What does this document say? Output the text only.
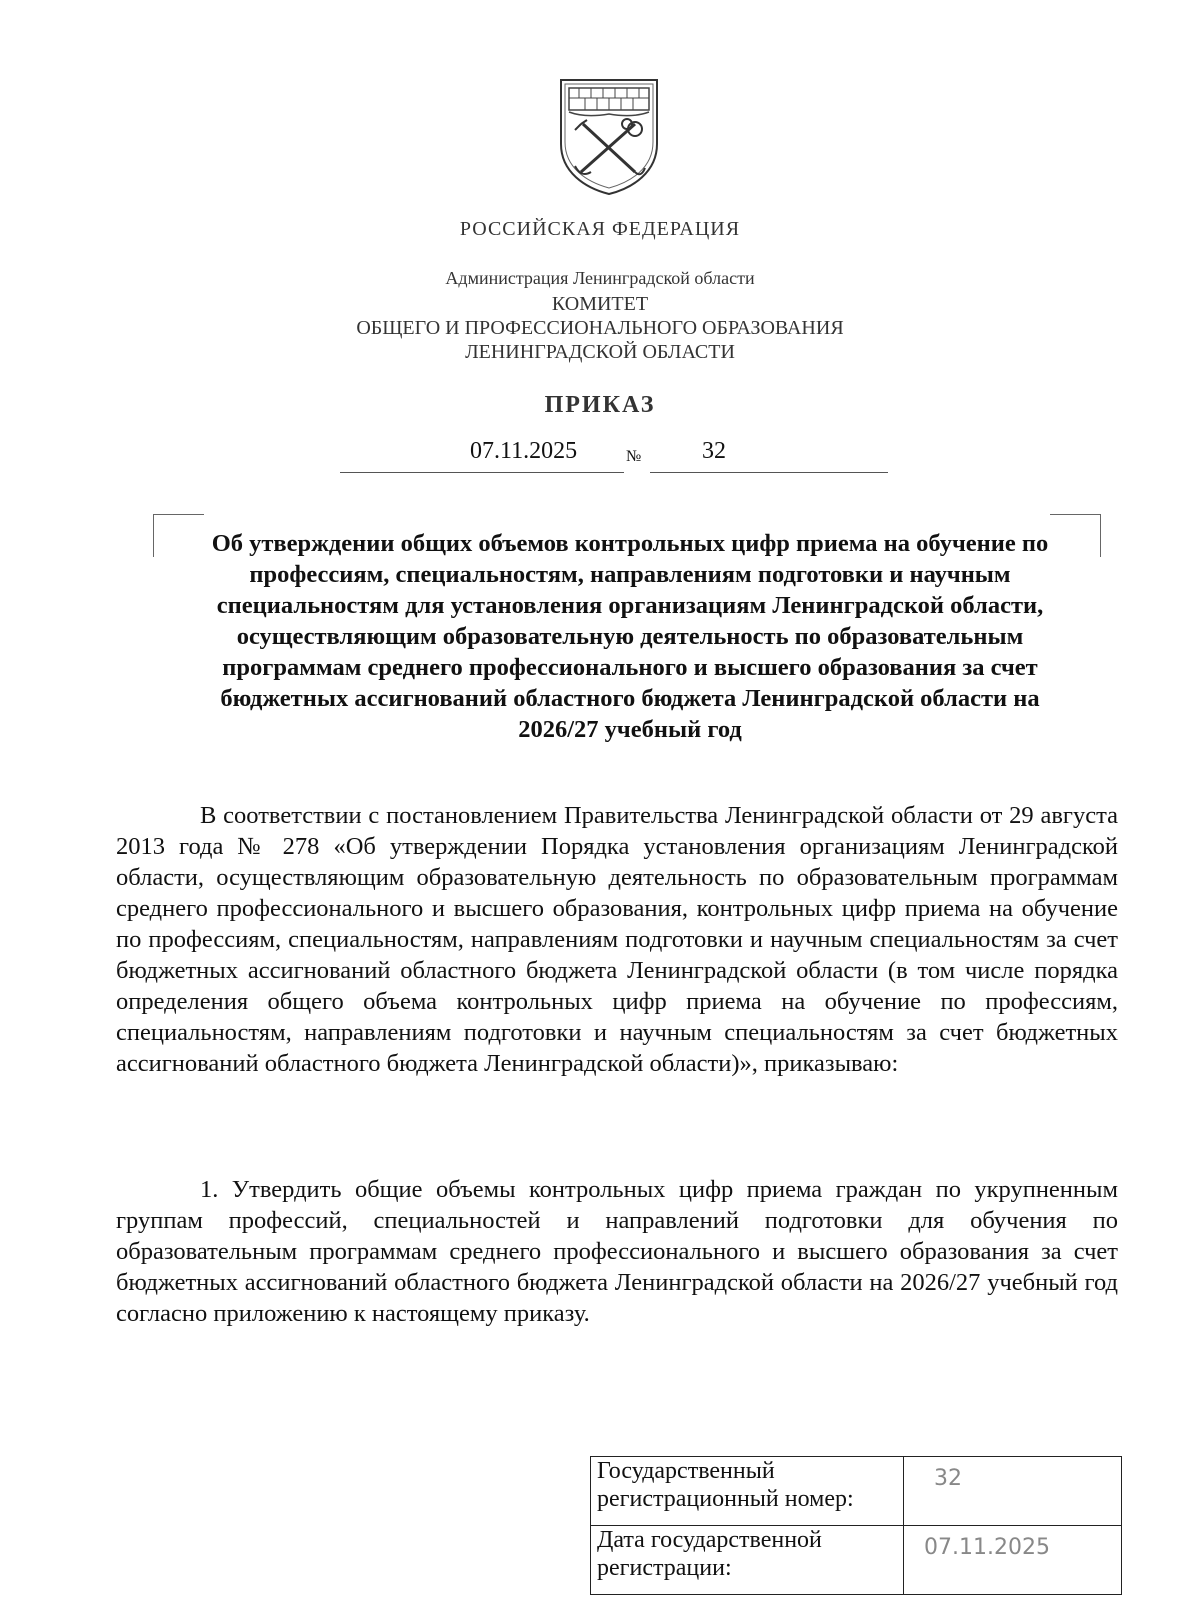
РОССИЙСКАЯ ФЕДЕРАЦИЯ
Администрация Ленинградской области
КОМИТЕТ
ОБЩЕГО И ПРОФЕССИОНАЛЬНОГО ОБРАЗОВАНИЯ
ЛЕНИНГРАДСКОЙ ОБЛАСТИ
ПРИКАЗ
07.11.2025	№	32
Об утверждении общих объемов контрольных цифр приема на обучение по профессиям, специальностям, направлениям подготовки и научным специальностям для установления организациям Ленинградской области, осуществляющим образовательную деятельность по образовательным программам среднего профессионального и высшего образования за счет бюджетных ассигнований областного бюджета Ленинградской области на 2026/27 учебный год
В соответствии с постановлением Правительства Ленинградской области от 29 августа 2013 года № 278 «Об утверждении Порядка установления организациям Ленинградской области, осуществляющим образовательную деятельность по образовательным программам среднего профессионального и высшего образования, контрольных цифр приема на обучение по профессиям, специальностям, направлениям подготовки и научным специальностям за счет бюджетных ассигнований областного бюджета Ленинградской области (в том числе порядка определения общего объема контрольных цифр приема на обучение по профессиям, специальностям, направлениям подготовки и научным специальностям за счет бюджетных ассигнований областного бюджета Ленинградской области)», приказываю:
1. Утвердить общие объемы контрольных цифр приема граждан по укрупненным группам профессий, специальностей и направлений подготовки для обучения по образовательным программам среднего профессионального и высшего образования за счет бюджетных ассигнований областного бюджета Ленинградской области на 2026/27 учебный год согласно приложению к настоящему приказу.
Государственный регистрационный номер:	32
Дата государственной регистрации:	07.11.2025
